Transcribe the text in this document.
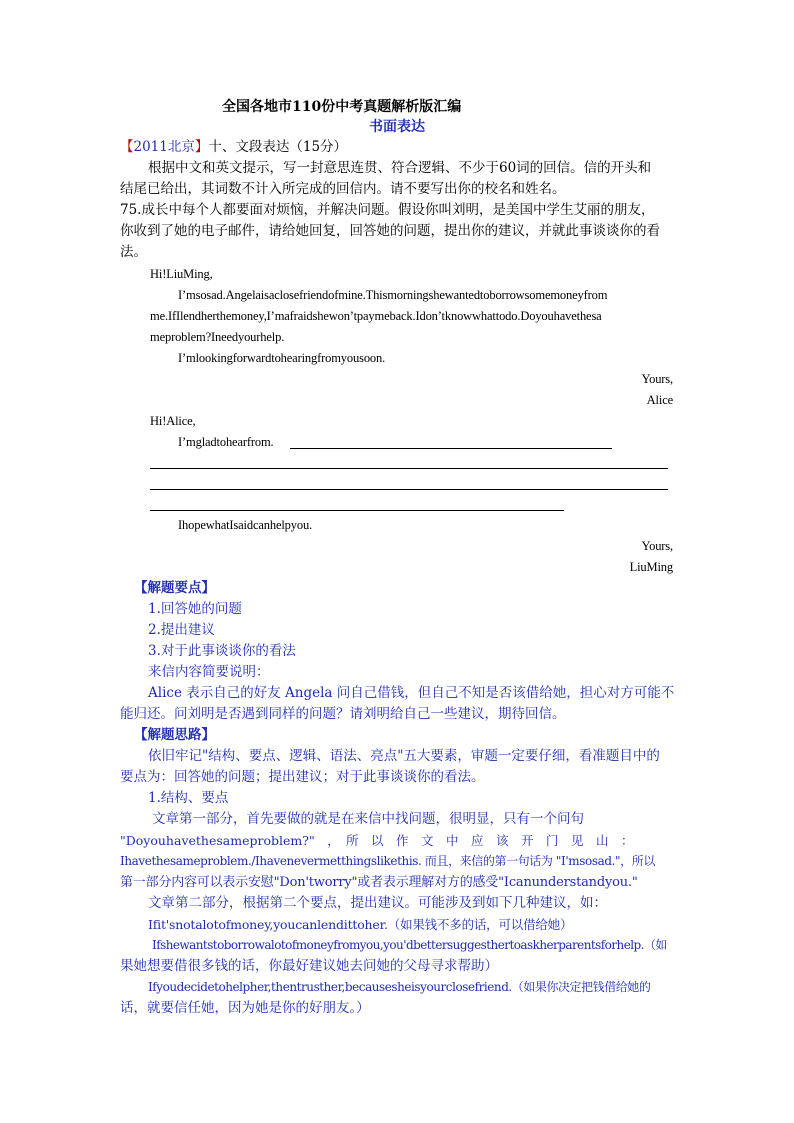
全国各地市110份中考真题解析版汇编
书面表达
【2011北京】十、文段表达（15分）
根据中文和英文提示，写一封意思连贯、符合逻辑、不少于60词的回信。信的开头和
结尾已给出，其词数不计入所完成的回信内。请不要写出你的校名和姓名。
75.成长中每个人都要面对烦恼，并解决问题。假设你叫刘明，是美国中学生艾丽的朋友，
你收到了她的电子邮件，请给她回复，回答她的问题，提出你的建议，并就此事谈谈你的看
法。
Hi!LiuMing,
I’msosad.Angelaisaclosefriendofmine.Thismorningshewantedtoborrowsomemoneyfrom
me.IfIlendherthemoney,I’mafraidshewon’tpaymeback.Idon’tknowwhattodo.Doyouhavethesa
meproblem?Ineedyourhelp.
I’mlookingforwardtohearingfromyousoon.
Yours,
Alice
Hi!Alice,
I’mgladtohearfrom.
IhopewhatIsaidcanhelpyou.
Yours,
LiuMing
【解题要点】
1.回答她的问题
2.提出建议
3.对于此事谈谈你的看法
来信内容简要说明：
Alice 表示自己的好友 Angela 问自己借钱，但自己不知是否该借给她，担心对方可能不
能归还。问刘明是否遇到同样的问题？请刘明给自己一些建议，期待回信。
【解题思路】
依旧牢记"结构、要点、逻辑、语法、亮点"五大要素，审题一定要仔细，看准题目中的
要点为：回答她的问题；提出建议；对于此事谈谈你的看法。
1.结构、要点
文章第一部分，首先要做的就是在来信中找问题，很明显，只有一个问句
"Doyouhavethesameproblem?"　，　所　以　作　文　中　应　该　开　门　见　山　：
Ihavethesameproblem./Ihavenevermetthingslikethis. 而且，来信的第一句话为 "I'msosad."，所以
第一部分内容可以表示安慰"Don'tworry"或者表示理解对方的感受"Icanunderstandyou."
文章第二部分，根据第二个要点，提出建议。可能涉及到如下几种建议，如：
Ifit'snotalotofmoney,youcanlendittoher.（如果钱不多的话，可以借给她）
Ifshewantstoborrowalotofmoneyfromyou,you'dbettersuggesthertoaskherparentsforhelp.（如
果她想要借很多钱的话，你最好建议她去问她的父母寻求帮助）
Ifyoudecidetohelpher,thentrusther,becausesheisyourclosefriend.（如果你决定把钱借给她的
话，就要信任她，因为她是你的好朋友。）
